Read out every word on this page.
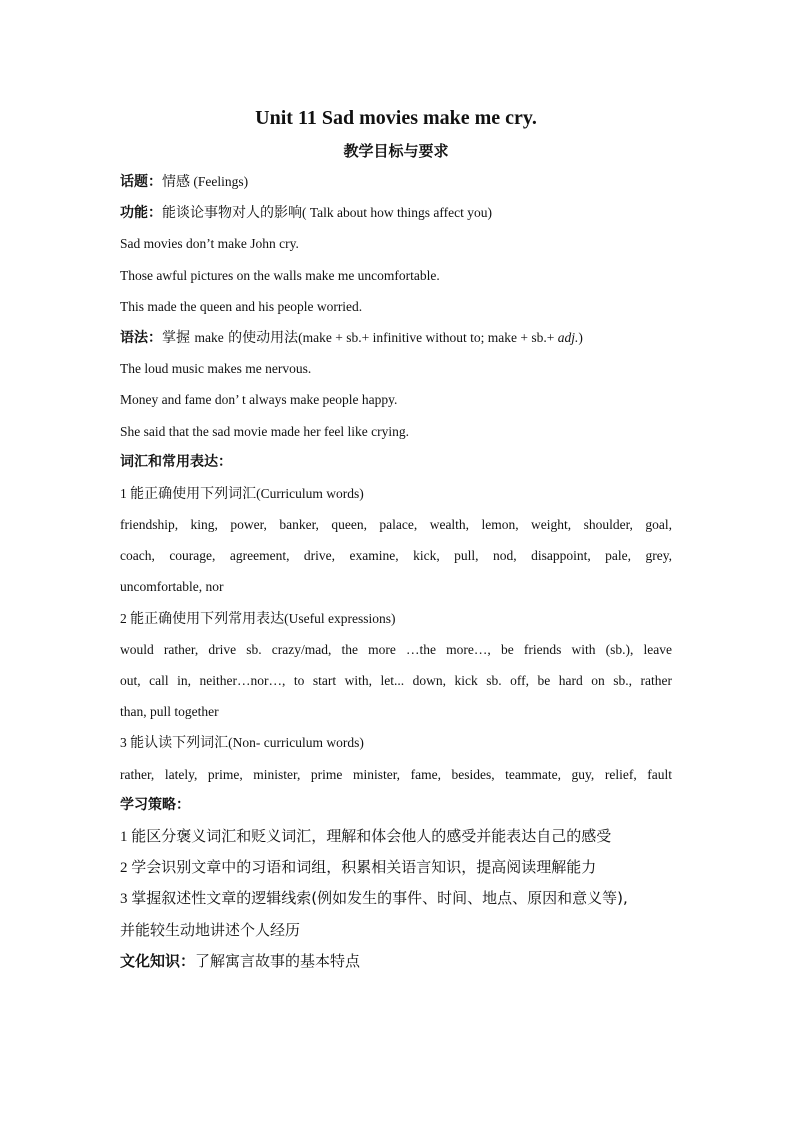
Unit 11 Sad movies make me cry.
教学目标与要求

话题：情感 (Feelings)

功能：能谈论事物对人的影响( Talk about how things affect you)

Sad movies don’t make John cry.

Those awful pictures on the walls make me uncomfortable.

This made the queen and his people worried.

语法：掌握 make 的使动用法(make + sb.+ infinitive without to; make + sb.+ adj.)

The loud music makes me nervous.

Money and fame don’ t always make people happy.

She said that the sad movie made her feel like crying.

词汇和常用表达：

1 能正确使用下列词汇(Curriculum words)

friendship, king, power, banker, queen, palace, wealth, lemon, weight, shoulder, goal,

coach, courage, agreement, drive, examine, kick, pull, nod, disappoint, pale, grey,

uncomfortable, nor

2 能正确使用下列常用表达(Useful expressions)

would rather, drive sb. crazy/mad, the more …the more…, be friends with (sb.), leave

out, call in, neither…nor…, to start with, let... down, kick sb. off, be hard on sb., rather

than, pull together

3 能认读下列词汇(Non- curriculum words)

rather, lately, prime, minister, prime minister, fame, besides, teammate, guy, relief, fault

学习策略：

1 能区分褒义词汇和贬义词汇，理解和体会他人的感受并能表达自己的感受

2 学会识别文章中的习语和词组，积累相关语言知识，提高阅读理解能力

3 掌握叙述性文章的逻辑线索(例如发生的事件、时间、地点、原因和意义等),

并能较生动地讲述个人经历

文化知识：了解寓言故事的基本特点
